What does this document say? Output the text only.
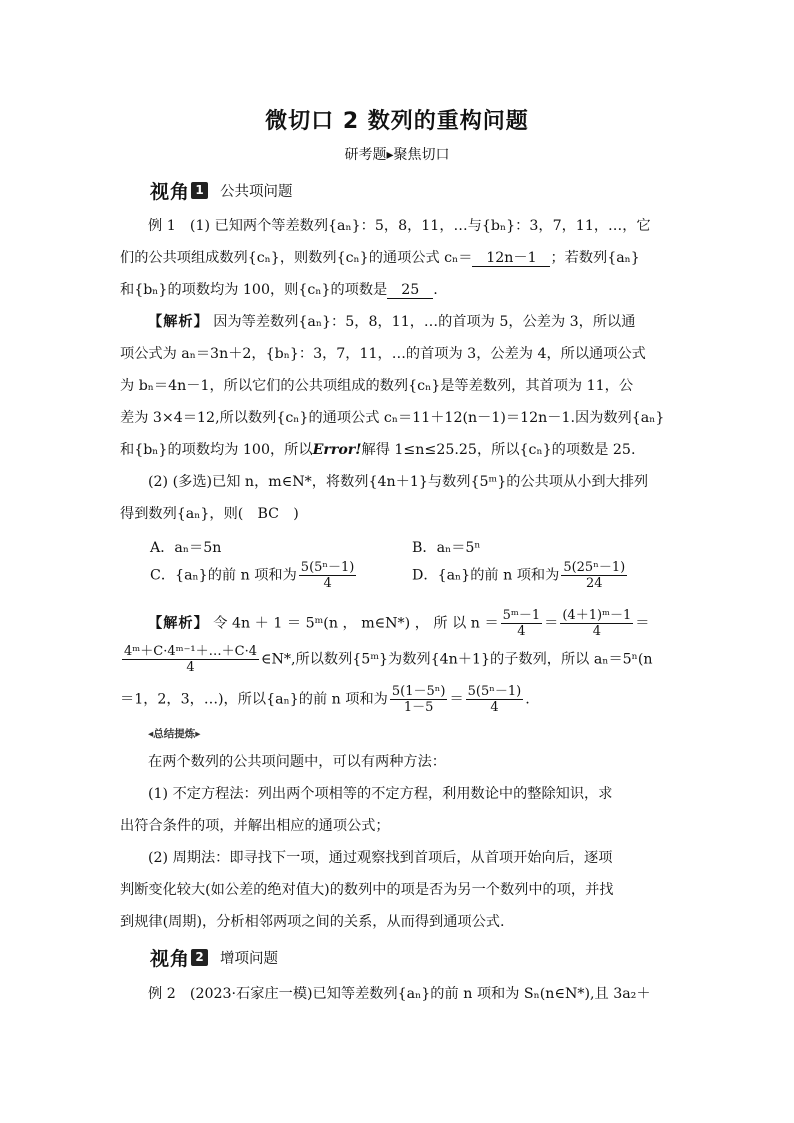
微切口 2 数列的重构问题
研考题▸聚焦切口
视角 1 公共项问题
例 1　(1) 已知两个等差数列{aₙ}：5，8，11，…与{bₙ}：3，7，11，…，它
们的公共项组成数列{cₙ}，则数列{cₙ}的通项公式 cₙ＝ 12n－1 ；若数列{aₙ}
和{bₙ}的项数均为 100，则{cₙ}的项数是 25 .
【解析】 因为等差数列{aₙ}：5，8，11，…的首项为 5，公差为 3，所以通
项公式为 aₙ＝3n＋2，{bₙ}：3，7，11，…的首项为 3，公差为 4，所以通项公式
为 bₙ＝4n－1，所以它们的公共项组成的数列{cₙ}是等差数列，其首项为 11，公
差为 3×4＝12,所以数列{cₙ}的通项公式 cₙ＝11＋12(n－1)＝12n－1.因为数列{aₙ}
和{bₙ}的项数均为 100，所以Error!解得 1≤n≤25.25，所以{cₙ}的项数是 25.
(2) (多选)已知 n，m∈N*，将数列{4n＋1}与数列{5ᵐ}的公共项从小到大排列
得到数列{aₙ}，则(　BC　)
A．aₙ＝5n	B．aₙ＝5ⁿ
C．{aₙ}的前 n 项和为 $\frac{\text{5(5ⁿ－1)}}{4}$	D．{aₙ}的前 n 项和为 $\frac{\text{5(25ⁿ－1)}}{24}$
【解析】 令 4n ＋ 1 ＝ 5ᵐ(n ， m∈N*) ， 所 以 $n = \frac{\text{5ᵐ－1}}{4} = \frac{\text{(4＋1)ᵐ－1}}{4}$ ＝
$\frac{\text{4ᵐ＋C·4ᵐ⁻¹＋…＋C·4}}{4}$ ∈N*,所以数列{5ᵐ}为数列{4n＋1}的子数列，所以 aₙ＝5ⁿ(n
＝1，2，3，…)，所以{aₙ}的前 n 项和为 $\frac{\text{5(1－5ⁿ)}}{1-5} = \frac{\text{5(5ⁿ－1)}}{4}$ .
◂总结提炼▸
在两个数列的公共项问题中，可以有两种方法：
(1) 不定方程法：列出两个项相等的不定方程，利用数论中的整除知识，求
出符合条件的项，并解出相应的通项公式；
(2) 周期法：即寻找下一项，通过观察找到首项后，从首项开始向后，逐项
判断变化较大(如公差的绝对值大)的数列中的项是否为另一个数列中的项，并找
到规律(周期)，分析相邻两项之间的关系，从而得到通项公式.
视角 2 增项问题
例 2　(2023·石家庄一模)已知等差数列{aₙ}的前 n 项和为 Sₙ(n∈N*),且 3a₂＋
